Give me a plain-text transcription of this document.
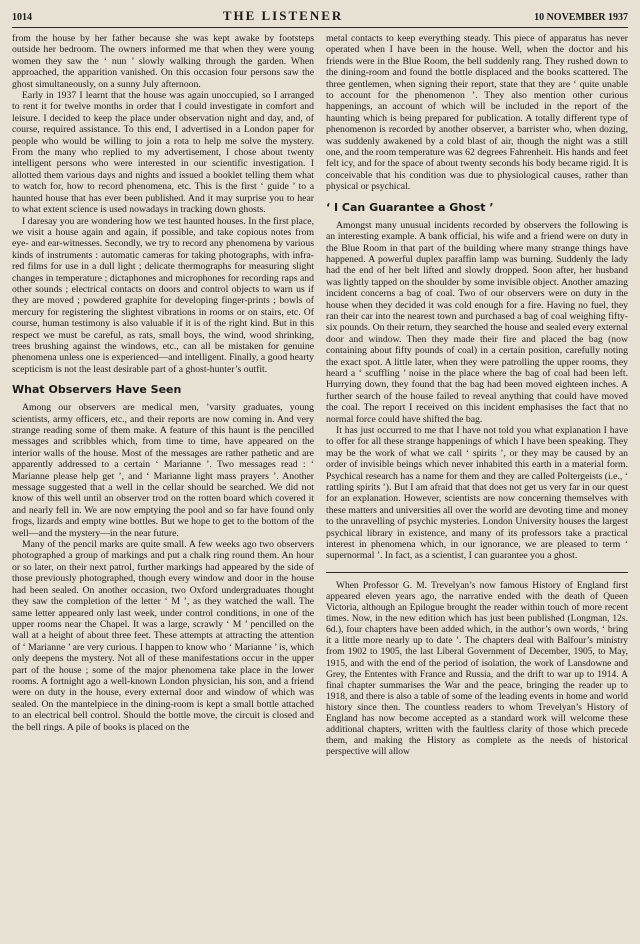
1014	THE LISTENER	10 NOVEMBER 1937

from the house by her father because she was kept awake by footsteps outside her bedroom. The owners informed me that when they were young women they saw the ‘ nun ’ slowly walking through the garden. When approached, the apparition vanished. On this occasion four persons saw the ghost simultaneously, on a sunny July afternoon.

Early in 1937 I learnt that the house was again unoccupied, so I arranged to rent it for twelve months in order that I could investigate in comfort and leisure. I decided to keep the place under observation night and day, and, of course, required assistance. To this end, I advertised in a London paper for people who would be willing to join a rota to help me solve the mystery. From the many who replied to my advertisement, I chose about twenty intelligent persons who were interested in our scientific investigation. I allotted them various days and nights and issued a booklet telling them what to watch for, how to record phenomena, etc. This is the first ‘ guide ’ to a haunted house that has ever been published. And it may surprise you to hear to what extent science is used nowadays in tracking down ghosts.

I daresay you are wondering how we test haunted houses. In the first place, we visit a house again and again, if possible, and take copious notes from eye- and ear-witnesses. Secondly, we try to record any phenomena by various kinds of instruments : automatic cameras for taking photographs, with infra-red films for use in a dull light ; delicate thermographs for measuring slight changes in temperature ; dictaphones and microphones for recording raps and other sounds ; electrical contacts on doors and control objects to warn us if they are moved ; powdered graphite for developing finger-prints ; bowls of mercury for registering the slightest vibrations in rooms or on stairs, etc. Of course, human testimony is also valuable if it is of the right kind. But in this respect we must be careful, as rats, small boys, the wind, wood shrinking, trees brushing against the windows, etc., can all be mistaken for genuine phenomena unless one is experienced—and intelligent. Finally, a good hearty scepticism is not the least desirable part of a ghost-hunter’s outfit.

What Observers Have Seen

Among our observers are medical men, ’varsity graduates, young scientists, army officers, etc., and their reports are now coming in. And very strange reading some of them make. A feature of this haunt is the pencilled messages and scribbles which, from time to time, have appeared on the interior walls of the house. Most of the messages are rather pathetic and are apparently addressed to a certain ‘ Marianne ’. Two messages read : ‘ Marianne please help get ’, and ‘ Marianne light mass prayers ’. Another message suggested that a well in the cellar should be searched. We did not know of this well until an observer trod on the rotten board which covered it and nearly fell in. We are now emptying the pool and so far have found only frogs, lizards and empty wine bottles. But we hope to get to the bottom of the well—and the mystery—in the near future.

Many of the pencil marks are quite small. A few weeks ago two observers photographed a group of markings and put a chalk ring round them. An hour or so later, on their next patrol, further markings had appeared by the side of those previously photographed, though every window and door in the house had been sealed. On another occasion, two Oxford undergraduates thought they saw the completion of the letter ‘ M ’, as they watched the wall. The same letter appeared only last week, under control conditions, in one of the upper rooms near the Chapel. It was a large, scrawly ‘ M ’ pencilled on the wall at a height of about three feet. These attempts at attracting the attention of ‘ Marianne ’ are very curious. I happen to know who ‘ Marianne ’ is, which only deepens the mystery. Not all of these manifestations occur in the upper part of the house ; some of the major phenomena take place in the lower rooms. A fortnight ago a well-known London physician, his son, and a friend were on duty in the house, every external door and window of which was sealed. On the mantelpiece in the dining-room is kept a small bottle attached to an electrical bell control. Should the bottle move, the circuit is closed and the bell rings. A pile of books is placed on the

metal contacts to keep everything steady. This piece of apparatus has never operated when I have been in the house. Well, when the doctor and his friends were in the Blue Room, the bell suddenly rang. They rushed down to the dining-room and found the bottle displaced and the books scattered. The three gentlemen, when signing their report, state that they are ‘ quite unable to account for the phenomenon ’. They also mention other curious happenings, an account of which will be included in the report of the haunting which is being prepared for publication. A totally different type of phenomenon is recorded by another observer, a barrister who, when dozing, was suddenly awakened by a cold blast of air, though the night was a still one, and the room temperature was 62 degrees Fahrenheit. His hands and feet felt icy, and for the space of about twenty seconds his body became rigid. It is conceivable that his condition was due to physiological causes, rather than physical or psychical.

‘ I Can Guarantee a Ghost ’

Amongst many unusual incidents recorded by observers the following is an interesting example. A bank official, his wife and a friend were on duty in the Blue Room in that part of the building where many strange things have happened. A powerful duplex paraffin lamp was burning. Suddenly the lady had the end of her belt lifted and slowly dropped. Soon after, her husband was lightly tapped on the shoulder by some invisible object. Another amazing incident concerns a bag of coal. Two of our observers were on duty in the house when they decided it was cold enough for a fire. Having no fuel, they ran their car into the nearest town and purchased a bag of coal weighing fifty-six pounds. On their return, they searched the house and sealed every external door and window. Then they made their fire and placed the bag (now containing about fifty pounds of coal) in a certain position, carefully noting the exact spot. A little later, when they were patrolling the upper rooms, they heard a ‘ scuffling ’ noise in the place where the bag of coal had been left. Hurrying down, they found that the bag had been moved eighteen inches. A further search of the house failed to reveal anything that could have moved the coal. The report I received on this incident emphasises the fact that no normal force could have shifted the bag.

It has just occurred to me that I have not told you what explanation I have to offer for all these strange happenings of which I have been speaking. They may be the work of what we call ‘ spirits ’, or they may be caused by an order of invisible beings which never inhabited this earth in a material form. Psychical research has a name for them and they are called Poltergeists (i.e., ‘ rattling spirits ’). But I am afraid that that does not get us very far in our quest for an explanation. However, scientists are now concerning themselves with these matters and universities all over the world are devoting time and money to the unravelling of psychic mysteries. London University houses the largest psychical library in existence, and many of its professors take a practical interest in phenomena which, in our ignorance, we are pleased to term ‘ supernormal ’. In fact, as a scientist, I can guarantee you a ghost.

When Professor G. M. Trevelyan’s now famous History of England first appeared eleven years ago, the narrative ended with the death of Queen Victoria, although an Epilogue brought the reader within touch of more recent times. Now, in the new edition which has just been published (Longman, 12s. 6d.), four chapters have been added which, in the author’s own words, ‘ bring it a little more nearly up to date ’. The chapters deal with Balfour’s ministry from 1902 to 1905, the last Liberal Government of December, 1905, to May, 1915, and with the end of the period of isolation, the work of Lansdowne and Grey, the Ententes with France and Russia, and the drift to war up to 1914. A final chapter summarises the War and the peace, bringing the reader up to 1918, and there is also a table of some of the leading events in home and world history since then. The countless readers to whom Trevelyan’s History of England has now become accepted as a standard work will welcome these additional chapters, written with the faultless clarity of those which precede them, and making the History as complete as the needs of historical perspective will allow
